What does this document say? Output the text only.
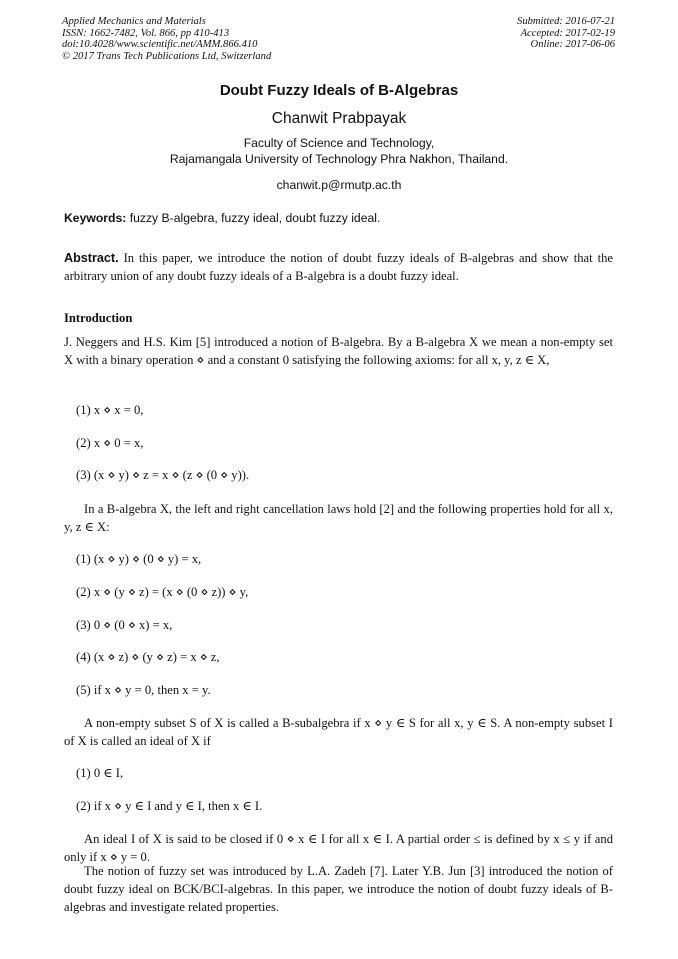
Applied Mechanics and Materials
ISSN: 1662-7482, Vol. 866, pp 410-413
doi:10.4028/www.scientific.net/AMM.866.410
© 2017 Trans Tech Publications Ltd, Switzerland
Submitted: 2016-07-21
Accepted: 2017-02-19
Online: 2017-06-06
Doubt Fuzzy Ideals of B-Algebras
Chanwit Prabpayak
Faculty of Science and Technology,
Rajamangala University of Technology Phra Nakhon, Thailand.
chanwit.p@rmutp.ac.th
Keywords: fuzzy B-algebra, fuzzy ideal, doubt fuzzy ideal.
Abstract. In this paper, we introduce the notion of doubt fuzzy ideals of B-algebras and show that the arbitrary union of any doubt fuzzy ideals of a B-algebra is a doubt fuzzy ideal.
Introduction
J. Neggers and H.S. Kim [5] introduced a notion of B-algebra. By a B-algebra X we mean a non-empty set X with a binary operation ⋄ and a constant 0 satisfying the following axioms: for all x, y, z ∈ X,
(1) x ⋄ x = 0,
(2) x ⋄ 0 = x,
(3) (x ⋄ y) ⋄ z = x ⋄ (z ⋄ (0 ⋄ y)).
In a B-algebra X, the left and right cancellation laws hold [2] and the following properties hold for all x, y, z ∈ X:
(1) (x ⋄ y) ⋄ (0 ⋄ y) = x,
(2) x ⋄ (y ⋄ z) = (x ⋄ (0 ⋄ z)) ⋄ y,
(3) 0 ⋄ (0 ⋄ x) = x,
(4) (x ⋄ z) ⋄ (y ⋄ z) = x ⋄ z,
(5) if x ⋄ y = 0, then x = y.
A non-empty subset S of X is called a B-subalgebra if x ⋄ y ∈ S for all x, y ∈ S. A non-empty subset I of X is called an ideal of X if
(1) 0 ∈ I,
(2) if x ⋄ y ∈ I and y ∈ I, then x ∈ I.
An ideal I of X is said to be closed if 0 ⋄ x ∈ I for all x ∈ I. A partial order ≤ is defined by x ≤ y if and only if x ⋄ y = 0.
The notion of fuzzy set was introduced by L.A. Zadeh [7]. Later Y.B. Jun [3] introduced the notion of doubt fuzzy ideal on BCK/BCI-algebras. In this paper, we introduce the notion of doubt fuzzy ideals of B-algebras and investigate related properties.
